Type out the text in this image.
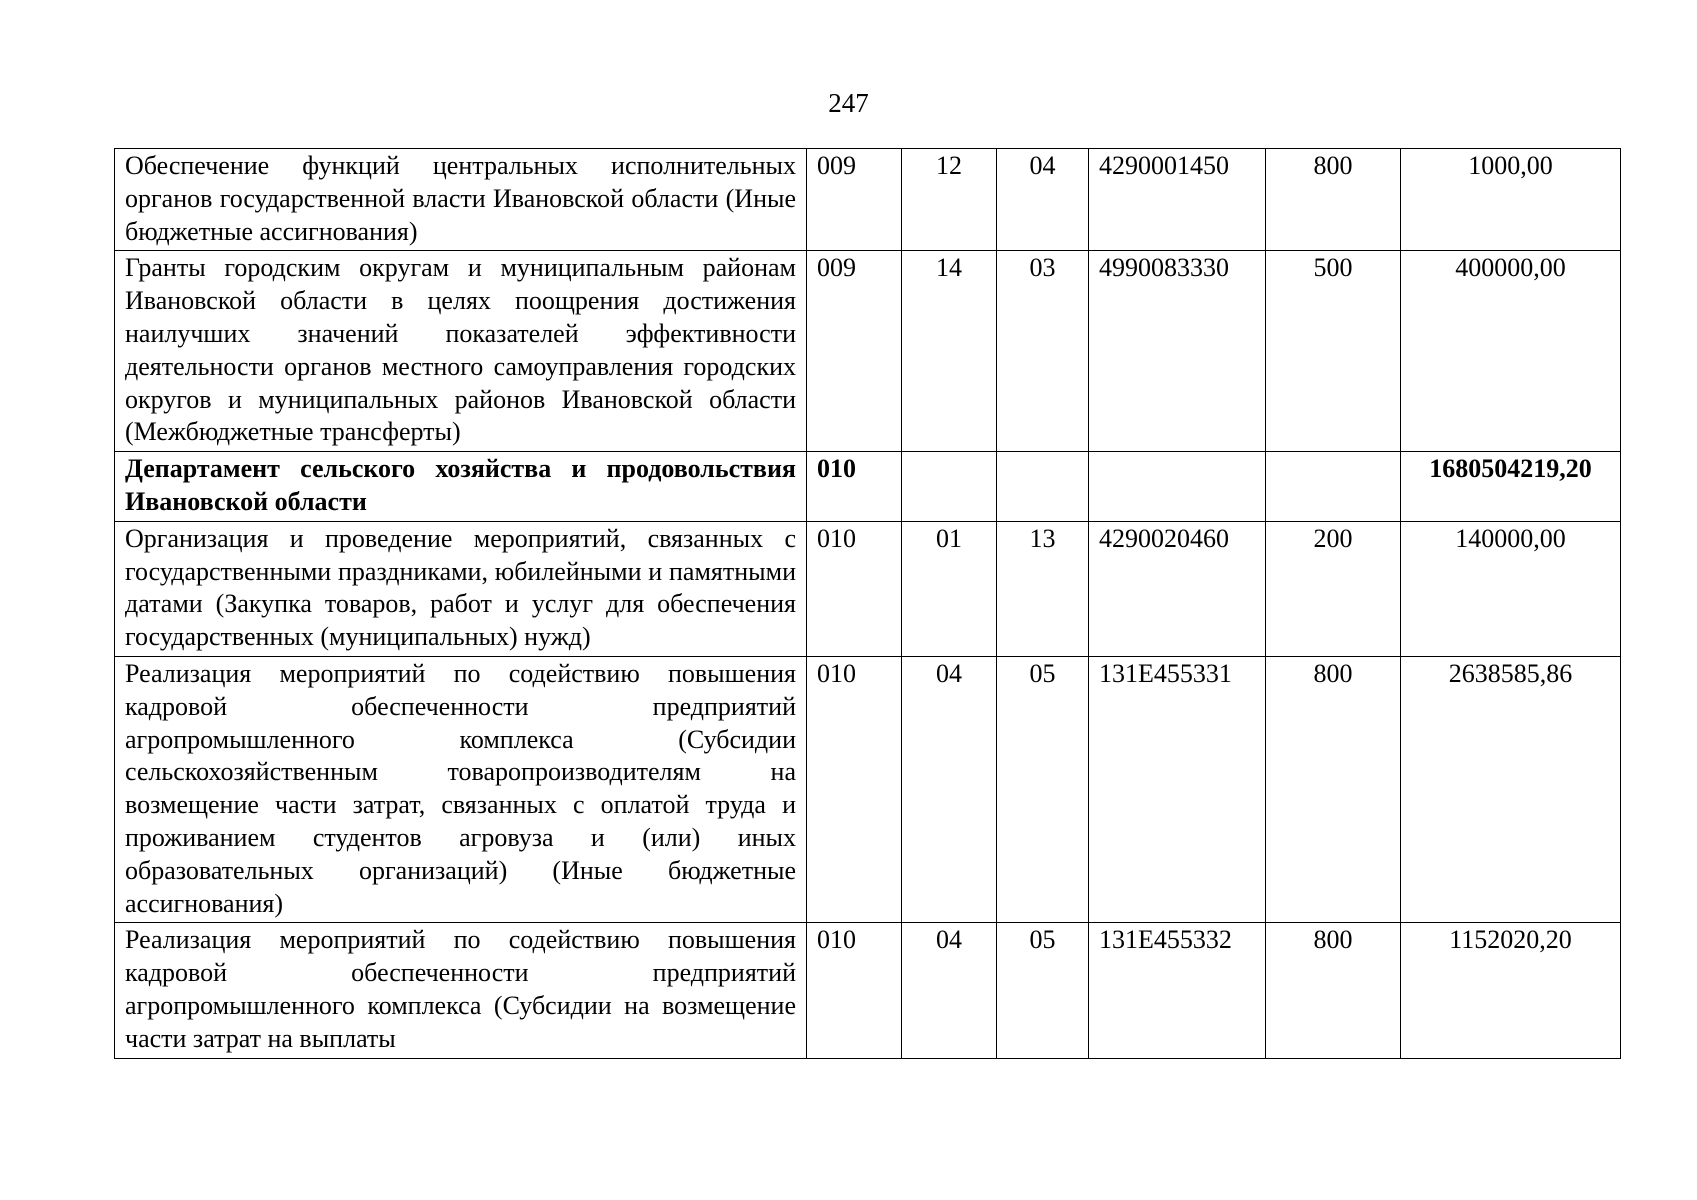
247
Обеспечение функций центральных исполнительных органов государственной власти Ивановской области (Иные бюджетные ассигнования)	009	12	04	4290001450	800	1000,00
Гранты городским округам и муниципальным районам Ивановской области в целях поощрения достижения наилучших значений показателей эффективности деятельности органов местного самоуправления городских округов и муниципальных районов Ивановской области (Межбюджетные трансферты)	009	14	03	4990083330	500	400000,00
Департамент сельского хозяйства и продовольствия Ивановской области	010					1680504219,20
Организация и проведение мероприятий, связанных с государственными праздниками, юбилейными и памятными датами (Закупка товаров, работ и услуг для обеспечения государственных (муниципальных) нужд)	010	01	13	4290020460	200	140000,00
Реализация мероприятий по содействию повышения кадровой обеспеченности предприятий агропромышленного комплекса (Субсидии сельскохозяйственным товаропроизводителям на возмещение части затрат, связанных с оплатой труда и проживанием студентов агровуза и (или) иных образовательных организаций) (Иные бюджетные ассигнования)	010	04	05	131E455331	800	2638585,86
Реализация мероприятий по содействию повышения кадровой обеспеченности предприятий агропромышленного комплекса (Субсидии на возмещение части затрат на выплаты	010	04	05	131E455332	800	1152020,20
